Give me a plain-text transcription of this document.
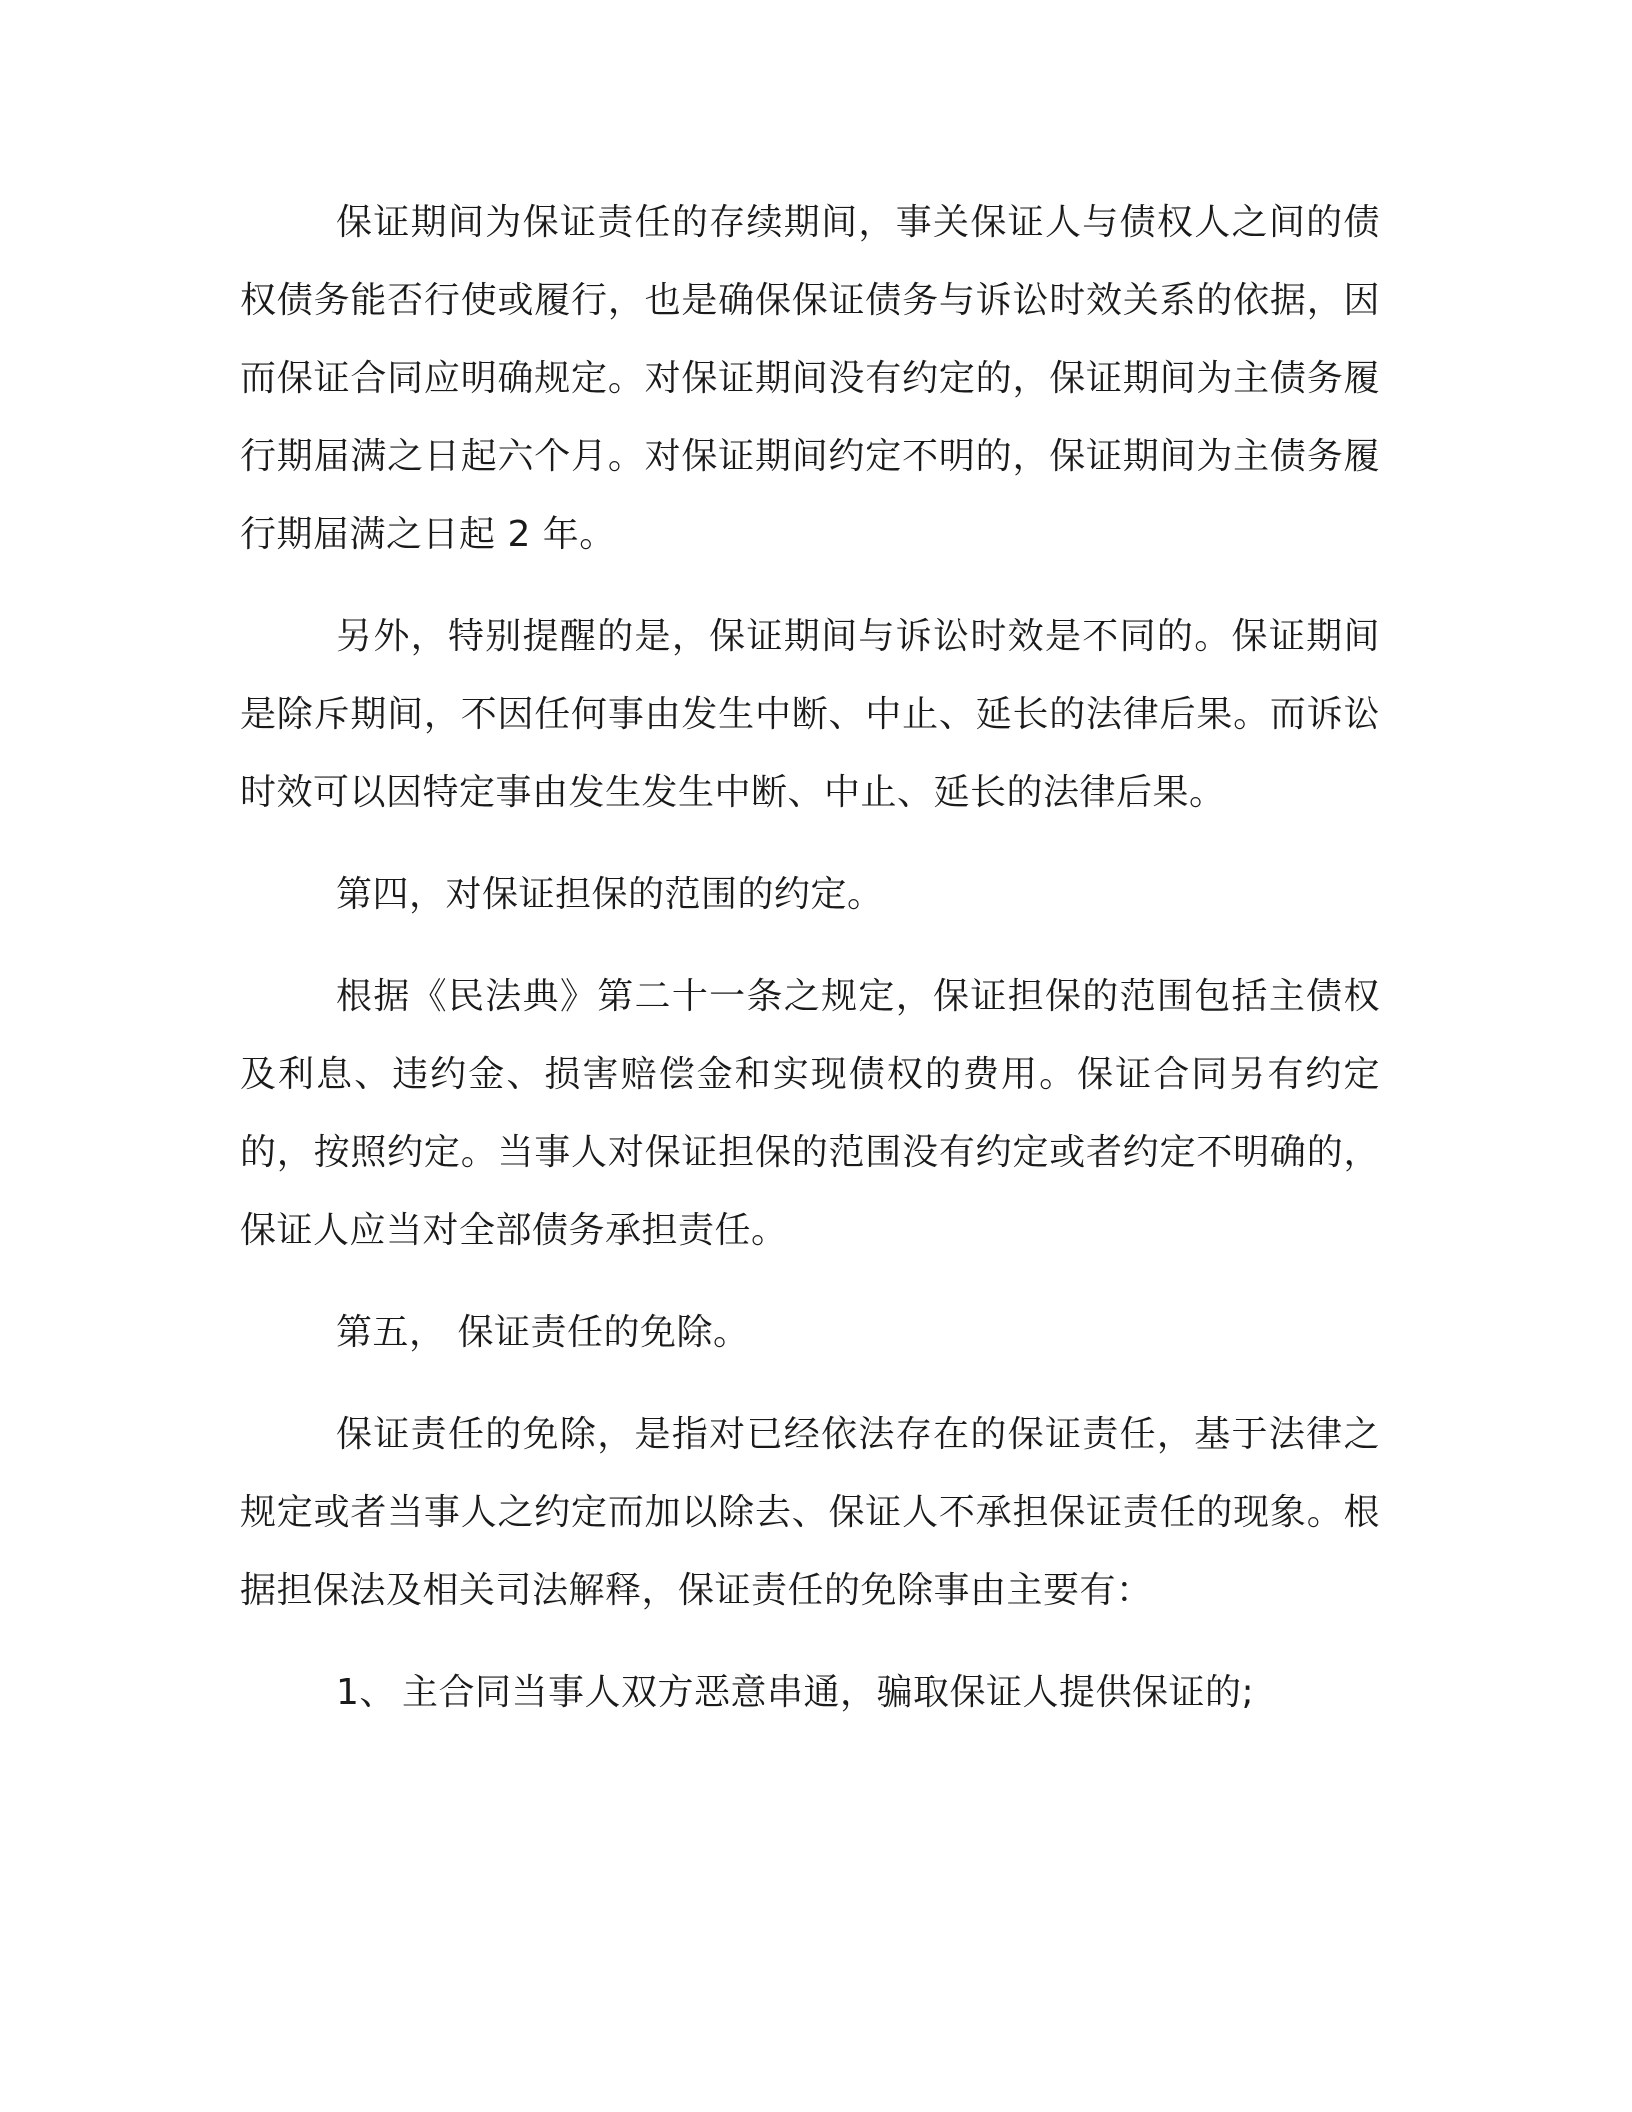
保证期间为保证责任的存续期间，事关保证人与债权人之间的债权债务能否行使或履行，也是确保保证债务与诉讼时效关系的依据，因而保证合同应明确规定。对保证期间没有约定的，保证期间为主债务履行期届满之日起六个月。对保证期间约定不明的，保证期间为主债务履行期届满之日起 2 年。

另外，特别提醒的是，保证期间与诉讼时效是不同的。保证期间是除斥期间，不因任何事由发生中断、中止、延长的法律后果。而诉讼时效可以因特定事由发生发生中断、中止、延长的法律后果。

第四，对保证担保的范围的约定。

根据《民法典》第二十一条之规定，保证担保的范围包括主债权及利息、违约金、损害赔偿金和实现债权的费用。保证合同另有约定的，按照约定。当事人对保证担保的范围没有约定或者约定不明确的，保证人应当对全部债务承担责任。

第五， 保证责任的免除。

保证责任的免除，是指对已经依法存在的保证责任，基于法律之规定或者当事人之约定而加以除去、保证人不承担保证责任的现象。根据担保法及相关司法解释，保证责任的免除事由主要有：

1、 主合同当事人双方恶意串通，骗取保证人提供保证的;
